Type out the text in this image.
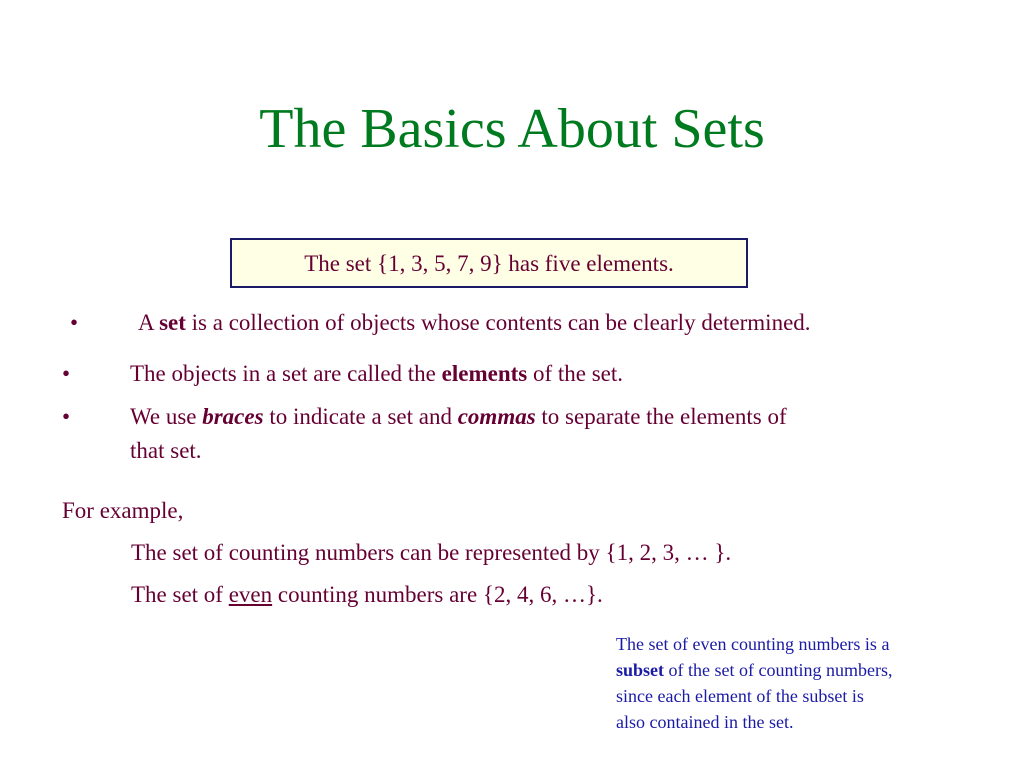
The Basics About Sets
The set {1, 3, 5, 7, 9} has five elements.
•	A set is a collection of objects whose contents can be clearly determined.
•	The objects in a set are called the elements of the set.
•	We use braces to indicate a set and commas to separate the elements of
that set.
For example,
The set of counting numbers can be represented by {1, 2, 3, … }.
The set of even counting numbers are {2, 4, 6, …}.
The set of even counting numbers is a
subset of the set of counting numbers,
since each element of the subset is
also contained in the set.
